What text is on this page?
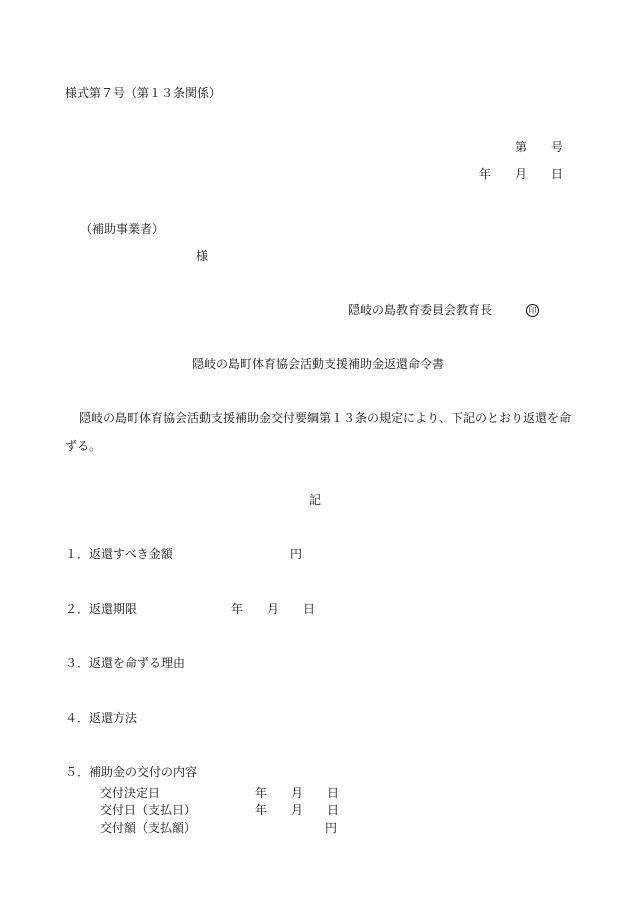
様式第７号（第１３条関係）
第　　号
年　　月　　日
（補助事業者）
様
隠岐の島教育委員会教育長	印
隠岐の島町体育協会活動支援補助金返還命令書
隠岐の島町体育協会活動支援補助金交付要綱第１３条の規定により、下記のとおり返還を命
ずる。
記
１．返還すべき金額	円
２．返還期限	年　　月　　日
３．返還を命ずる理由
４．返還方法
５．補助金の交付の内容
交付決定日	年　　月　　日
交付日（支払日）	年　　月　　日
交付額（支払額）	円
